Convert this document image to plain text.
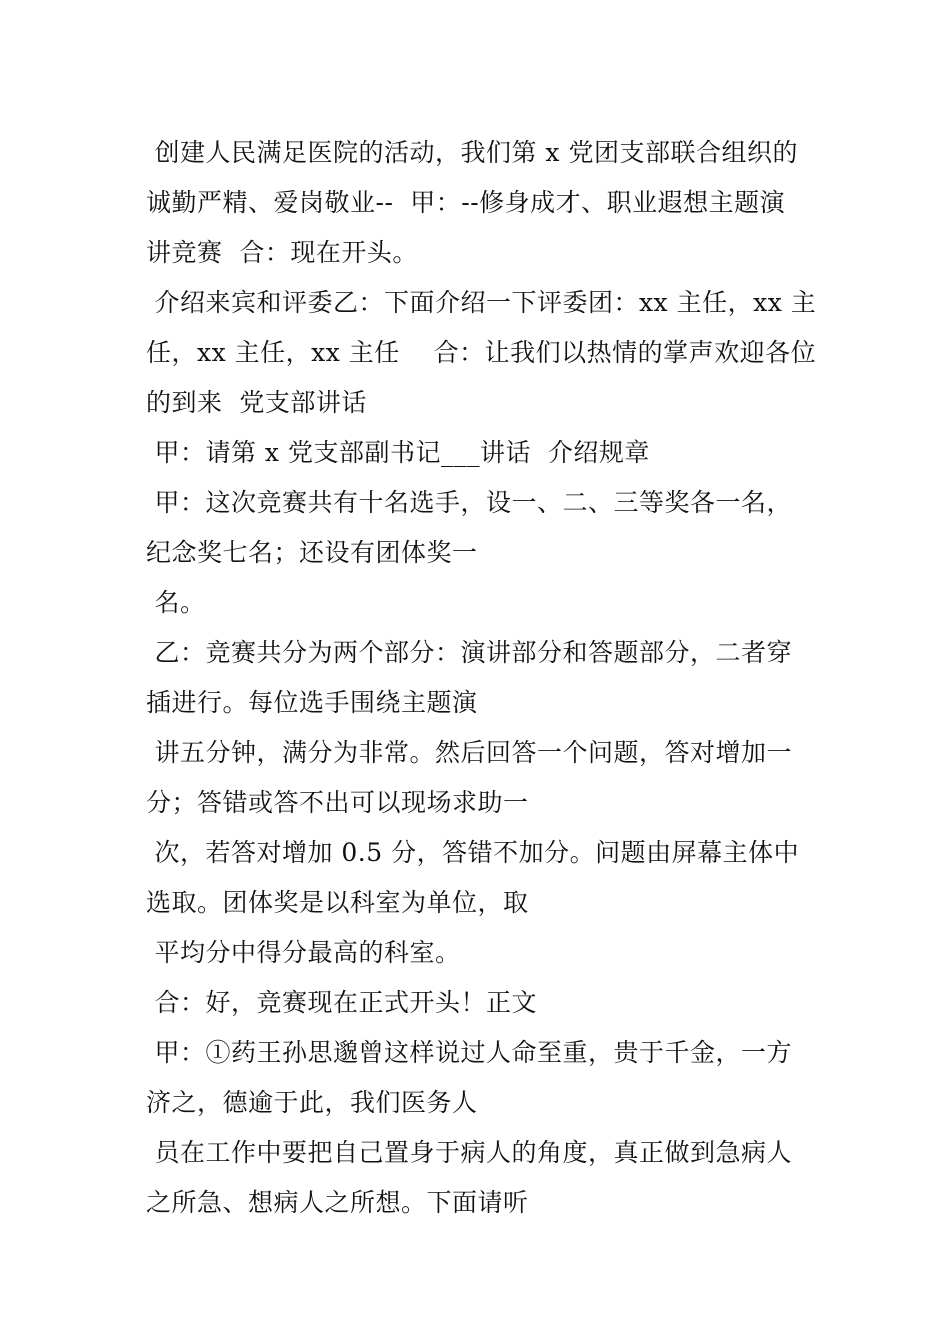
创建人民满足医院的活动，我们第 x 党团支部联合组织的
诚勤严精、爱岗敬业--  甲：--修身成才、职业遐想主题演
讲竞赛  合：现在开头。
介绍来宾和评委乙：下面介绍一下评委团：xx 主任，xx 主
任，xx 主任，xx 主任    合：让我们以热情的掌声欢迎各位
的到来  党支部讲话
甲：请第 x 党支部副书记___讲话  介绍规章
甲：这次竞赛共有十名选手，设一、二、三等奖各一名，
纪念奖七名；还设有团体奖一
名。
乙：竞赛共分为两个部分：演讲部分和答题部分，二者穿
插进行。每位选手围绕主题演
讲五分钟，满分为非常。然后回答一个问题，答对增加一
分；答错或答不出可以现场求助一
次，若答对增加 0.5 分，答错不加分。问题由屏幕主体中
选取。团体奖是以科室为单位，取
平均分中得分最高的科室。
合：好，竞赛现在正式开头！正文
甲：①药王孙思邈曾这样说过人命至重，贵于千金，一方
济之，德逾于此，我们医务人
员在工作中要把自己置身于病人的角度，真正做到急病人
之所急、想病人之所想。下面请听
